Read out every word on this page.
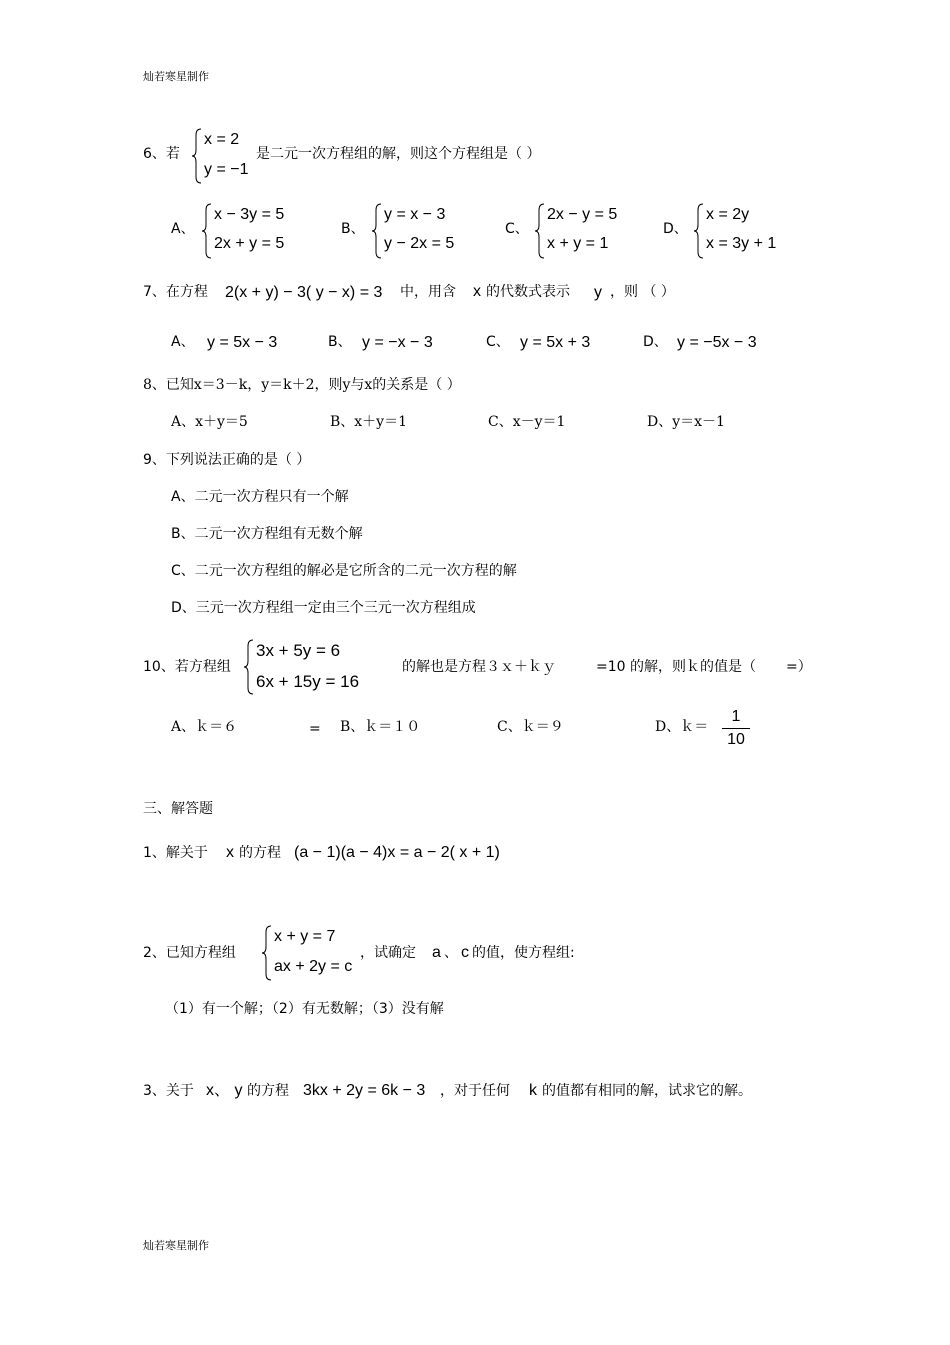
灿若寒星制作
6、若
x = 2
y = −1
是二元一次方程组的解，则这个方程组是（ ）
A、
x − 3y = 5
2x + y = 5
B、
y = x − 3
y − 2x = 5
C、
2x − y = 5
x + y = 1
D、
x = 2y
x = 3y + 1
7、在方程 2(x + y) − 3( y − x) = 3 中，用含 x 的代数式表示 y ，则 （ ）
A、 y = 5x − 3	B、 y = −x − 3	C、 y = 5x + 3	D、 y = −5x − 3
8、已知x＝3－k，y＝k＋2，则y与x的关系是（ ）
A、x＋y＝5	B、x＋y＝1	C、x－y＝1	D、y＝x－1
9、下列说法正确的是（ ）
A、二元一次方程只有一个解
B、二元一次方程组有无数个解
C、二元一次方程组的解必是它所含的二元一次方程的解
D、三元一次方程组一定由三个三元一次方程组成
10、若方程组
3x + 5y = 6
6x + 15y = 16
的解也是方程３ｘ＋ｋｙ	=10 的解，则ｋ的值是（ =）
A、ｋ＝６	= B、ｋ＝１０	C、ｋ＝９	D、ｋ＝
1
10
三、解答题
1、解关于 x 的方程 (a − 1)(a − 4)x = a − 2( x + 1)
2、已知方程组
x + y = 7
ax + 2y = c
，试确定 a 、 c 的值，使方程组:
（1）有一个解；（2）有无数解；（3）没有解
3、关于 x、 y 的方程 3kx + 2y = 6k − 3 ，对于任何 k 的值都有相同的解，试求它的解。
灿若寒星制作
